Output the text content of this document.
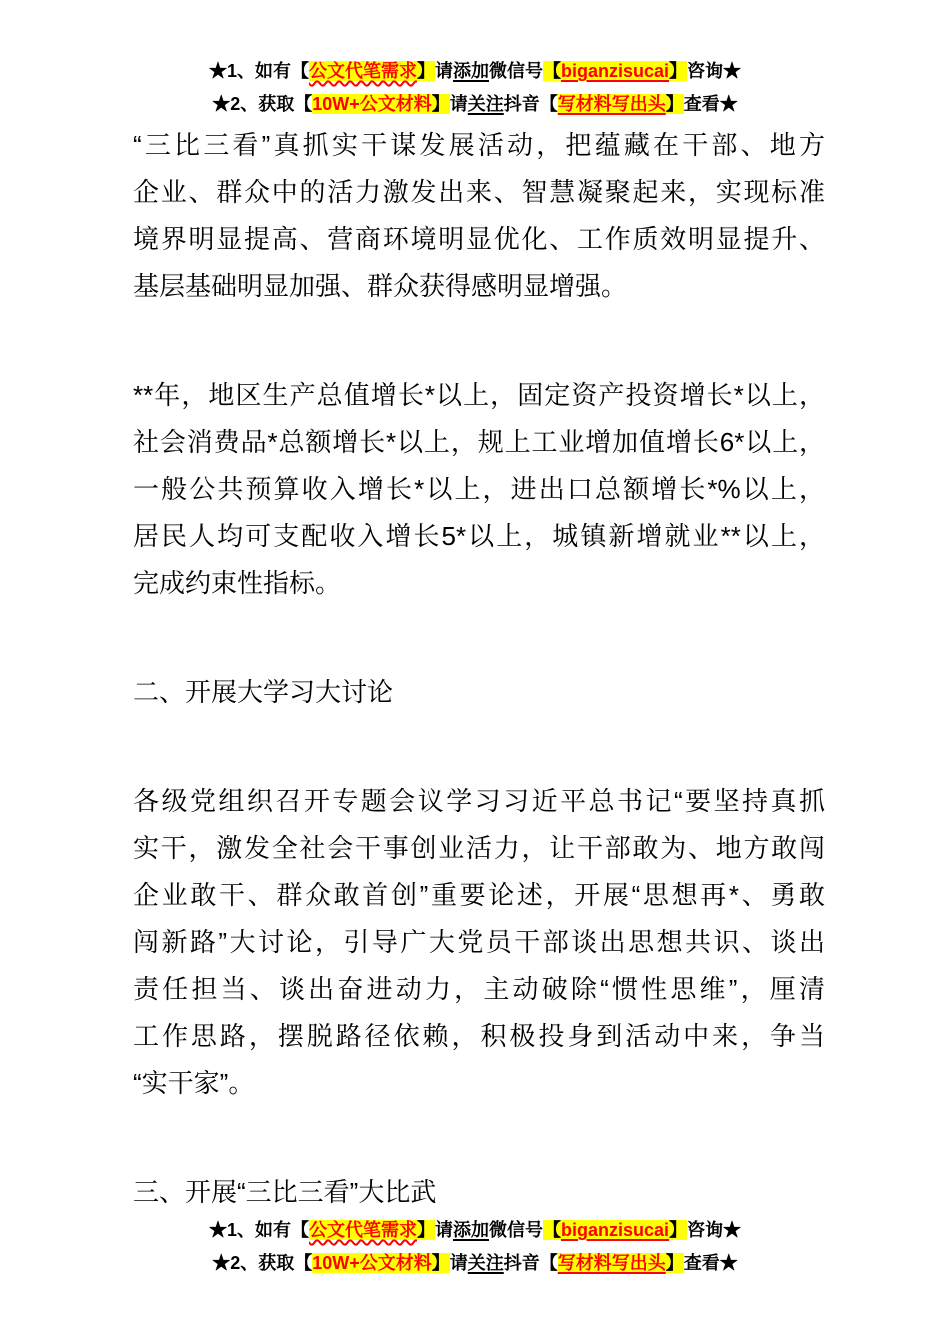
★1、如有【公文代笔需求】请添加微信号【biganzisucai】咨询★
★2、获取【10W+公文材料】请关注抖音【写材料写出头】查看★
“三比三看”真抓实干谋发展活动，把蕴藏在干部、地方
企业、群众中的活力激发出来、智慧凝聚起来，实现标准
境界明显提高、营商环境明显优化、工作质效明显提升、
基层基础明显加强、群众获得感明显增强。
**年，地区生产总值增长*以上，固定资产投资增长*以上，
社会消费品*总额增长*以上，规上工业增加值增长6*以上，
一般公共预算收入增长*以上，进出口总额增长*%以上，
居民人均可支配收入增长5*以上，城镇新增就业**以上，
完成约束性指标。
二、开展大学习大讨论
各级党组织召开专题会议学习习近平总书记“要坚持真抓
实干，激发全社会干事创业活力，让干部敢为、地方敢闯
企业敢干、群众敢首创”重要论述，开展“思想再*、勇敢
闯新路”大讨论，引导广大党员干部谈出思想共识、谈出
责任担当、谈出奋进动力，主动破除“惯性思维”，厘清
工作思路，摆脱路径依赖，积极投身到活动中来，争当
“实干家”。
三、开展“三比三看”大比武
★1、如有【公文代笔需求】请添加微信号【biganzisucai】咨询★
★2、获取【10W+公文材料】请关注抖音【写材料写出头】查看★
